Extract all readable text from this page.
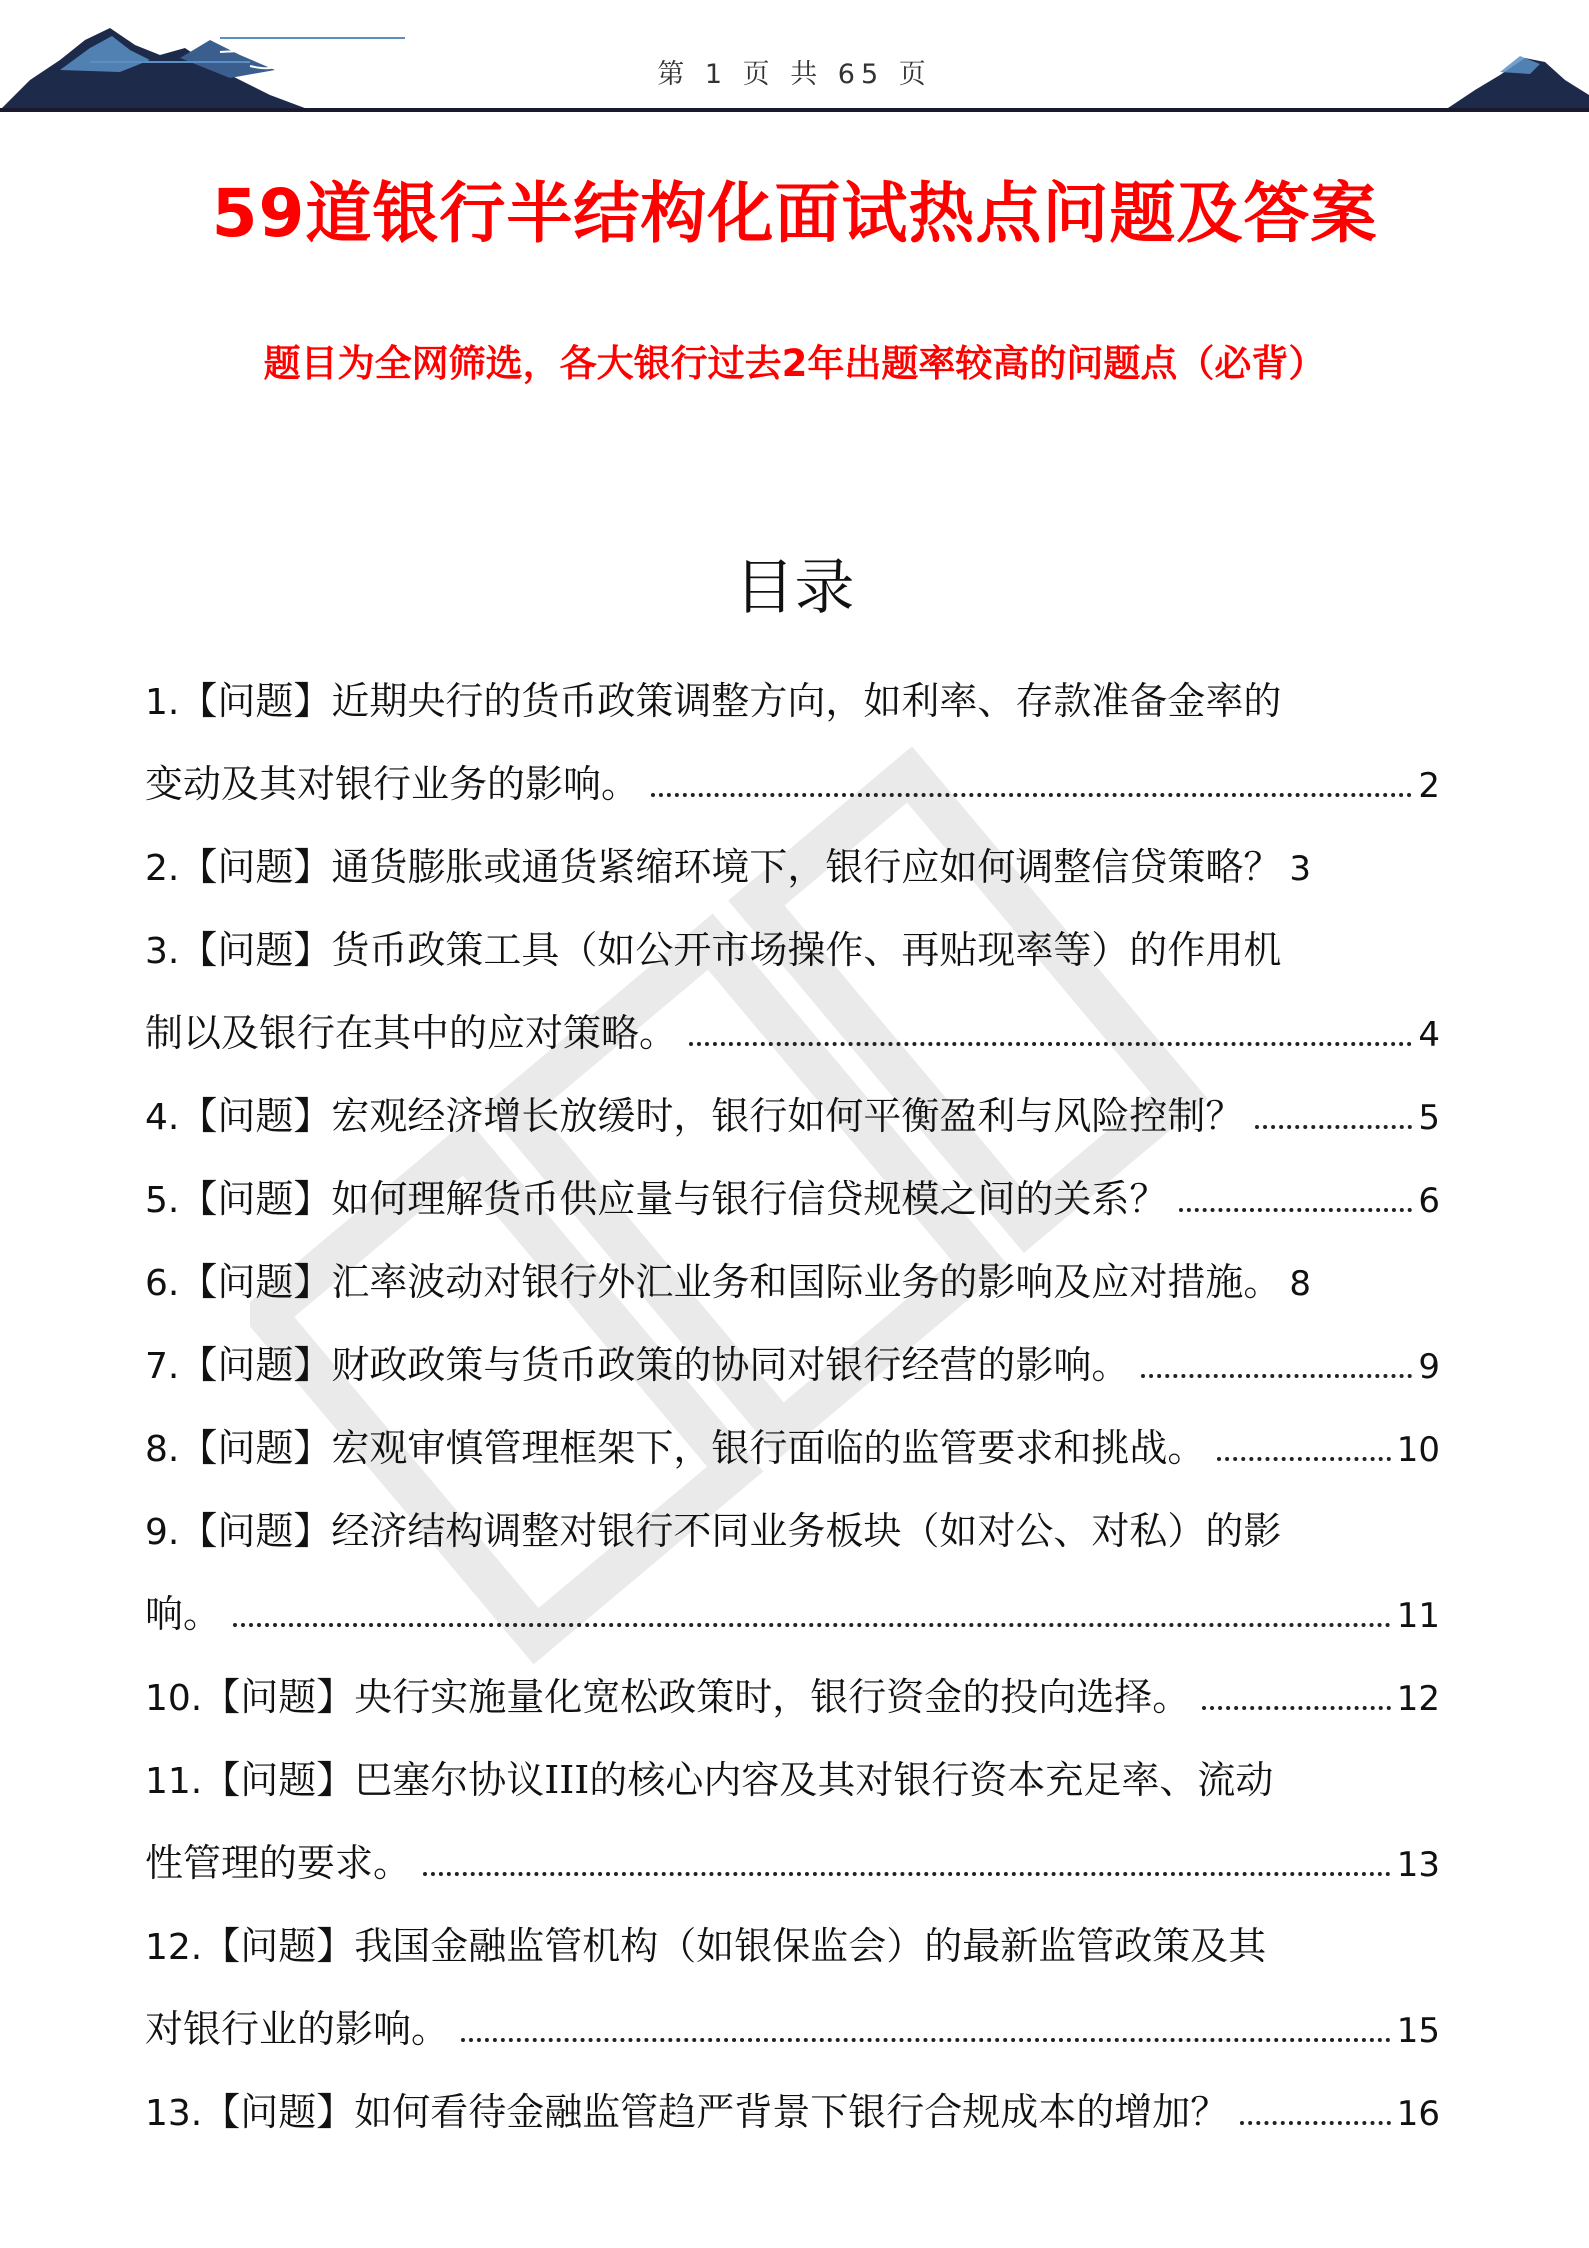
第 1 页 共 65 页
59道银行半结构化面试热点问题及答案
题目为全网筛选，各大银行过去2年出题率较高的问题点（必背）
目录
1. 【问题】 近期央行的货币政策调整方向，如利率、存款准备金率的
变动及其对银行业务的影响。	2
2. 【问题】 通货膨胀或通货紧缩环境下，银行应如何调整信贷策略？ 3
3. 【问题】 货币政策工具（如公开市场操作、再贴现率等）的作用机
制以及银行在其中的应对策略。	4
4. 【问题】 宏观经济增长放缓时，银行如何平衡盈利与风险控制？	5
5. 【问题】 如何理解货币供应量与银行信贷规模之间的关系？	6
6. 【问题】 汇率波动对银行外汇业务和国际业务的影响及应对措施。 8
7. 【问题】 财政政策与货币政策的协同对银行经营的影响。	9
8. 【问题】 宏观审慎管理框架下，银行面临的监管要求和挑战。	10
9. 【问题】 经济结构调整对银行不同业务板块（如对公、对私）的影
响。	11
10. 【问题】 央行实施量化宽松政策时，银行资金的投向选择。	12
11. 【问题】 巴塞尔协议III的核心内容及其对银行资本充足率、流动
性管理的要求。	13
12. 【问题】 我国金融监管机构（如银保监会）的最新监管政策及其
对银行业的影响。	15
13. 【问题】 如何看待金融监管趋严背景下银行合规成本的增加？	16
